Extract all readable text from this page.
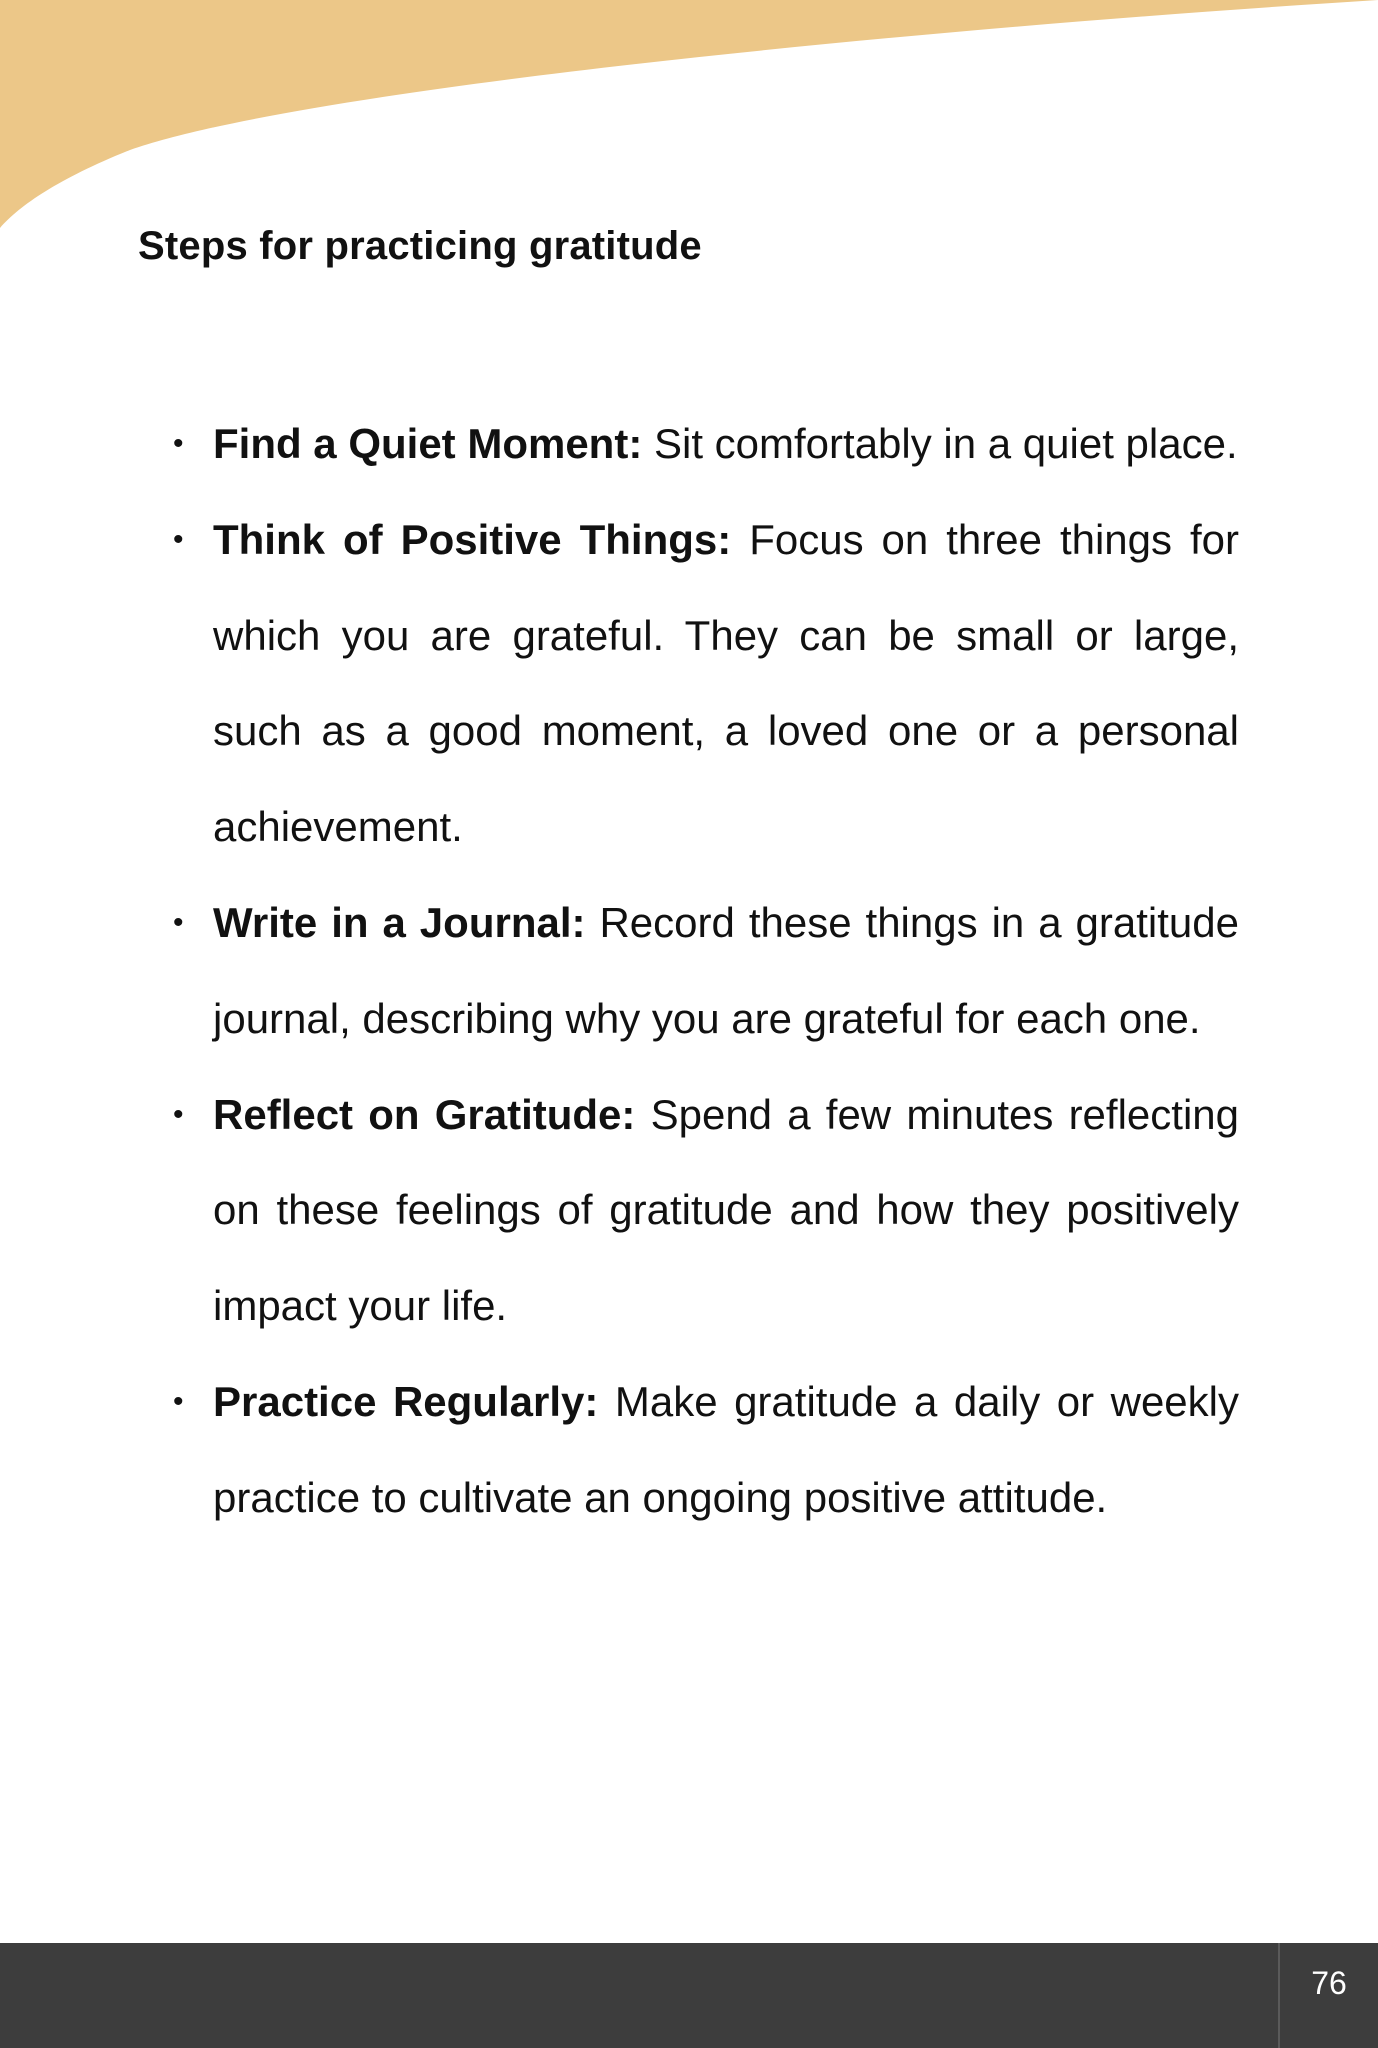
Steps for practicing gratitude
• Find a Quiet Moment: Sit comfortably in a quiet place.
• Think of Positive Things: Focus on three things for which you are grateful. They can be small or large, such as a good moment, a loved one or a personal achievement.
• Write in a Journal: Record these things in a gratitude journal, describing why you are grateful for each one.
• Reflect on Gratitude: Spend a few minutes reflecting on these feelings of gratitude and how they positively impact your life.
• Practice Regularly: Make gratitude a daily or weekly practice to cultivate an ongoing positive attitude.
76
